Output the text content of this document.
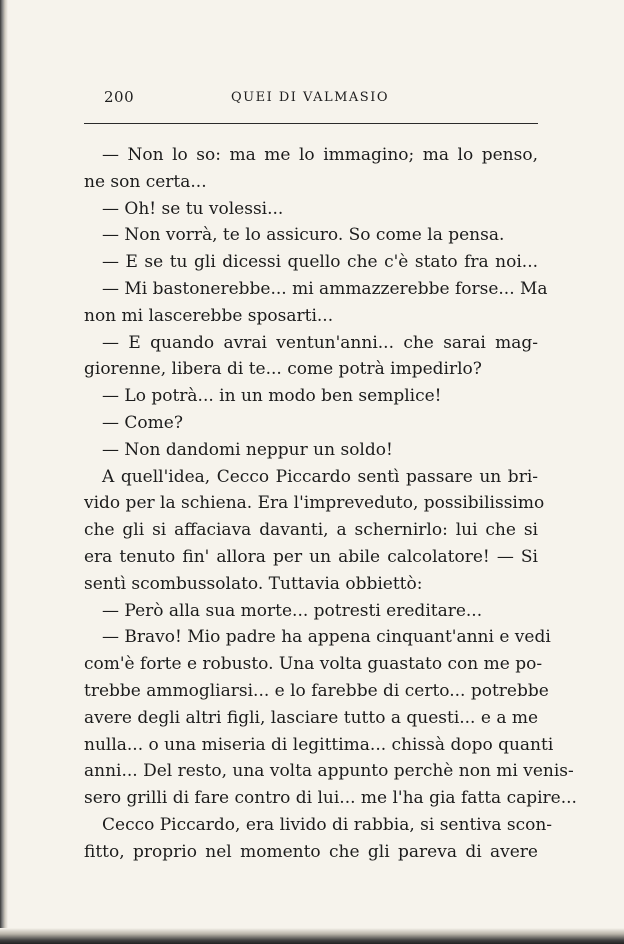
200	QUEI DI VALMASIO
— Non lo so: ma me lo immagino; ma lo penso,
ne son certa...
— Oh! se tu volessi...
— Non vorrà, te lo assicuro. So come la pensa.
— E se tu gli dicessi quello che c'è stato fra noi...
— Mi bastonerebbe... mi ammazzerebbe forse... Ma
non mi lascerebbe sposarti...
— E quando avrai ventun'anni... che sarai mag-
giorenne, libera di te... come potrà impedirlo?
— Lo potrà... in un modo ben semplice!
— Come?
— Non dandomi neppur un soldo!
A quell'idea, Cecco Piccardo sentì passare un bri-
vido per la schiena. Era l'impreveduto, possibilissimo
che gli si affaciava davanti, a schernirlo: lui che si
era tenuto fin' allora per un abile calcolatore! — Si
sentì scombussolato. Tuttavia obbiettò:
— Però alla sua morte... potresti ereditare...
— Bravo! Mio padre ha appena cinquant'anni e vedi
com'è forte e robusto. Una volta guastato con me po-
trebbe ammogliarsi... e lo farebbe di certo... potrebbe
avere degli altri figli, lasciare tutto a questi... e a me
nulla... o una miseria di legittima... chissà dopo quanti
anni... Del resto, una volta appunto perchè non mi venis-
sero grilli di fare contro di lui... me l'ha gia fatta capire...
Cecco Piccardo, era livido di rabbia, si sentiva scon-
fitto, proprio nel momento che gli pareva di avere
